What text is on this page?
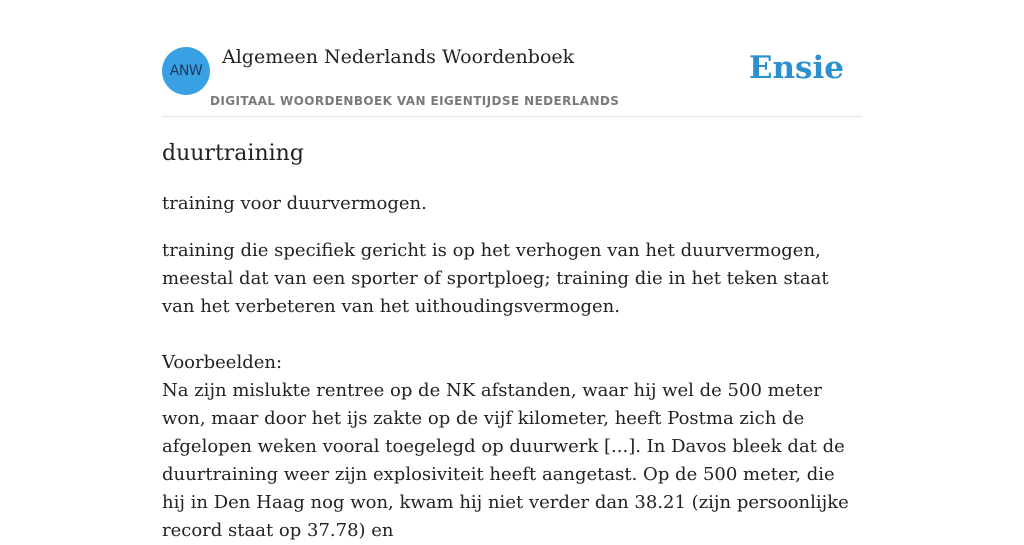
ANW
Algemeen Nederlands Woordenboek
DIGITAAL WOORDENBOEK VAN EIGENTIJDSE NEDERLANDS
Ensie
duurtraining

training voor duurvermogen.

training die specifiek gericht is op het verhogen van het duurvermogen, meestal dat van een sporter of sportploeg; training die in het teken staat van het verbeteren van het uithoudingsvermogen.

Voorbeelden:

Na zijn mislukte rentree op de NK afstanden, waar hij wel de 500 meter won, maar door het ijs zakte op de vijf kilometer, heeft Postma zich de afgelopen weken vooral toegelegd op duurwerk [...]. In Davos bleek dat de duurtraining weer zijn explosiviteit heeft aangetast. Op de 500 meter, die hij in Den Haag nog won, kwam hij niet verder dan 38.21 (zijn persoonlijke record staat op 37.78) en
